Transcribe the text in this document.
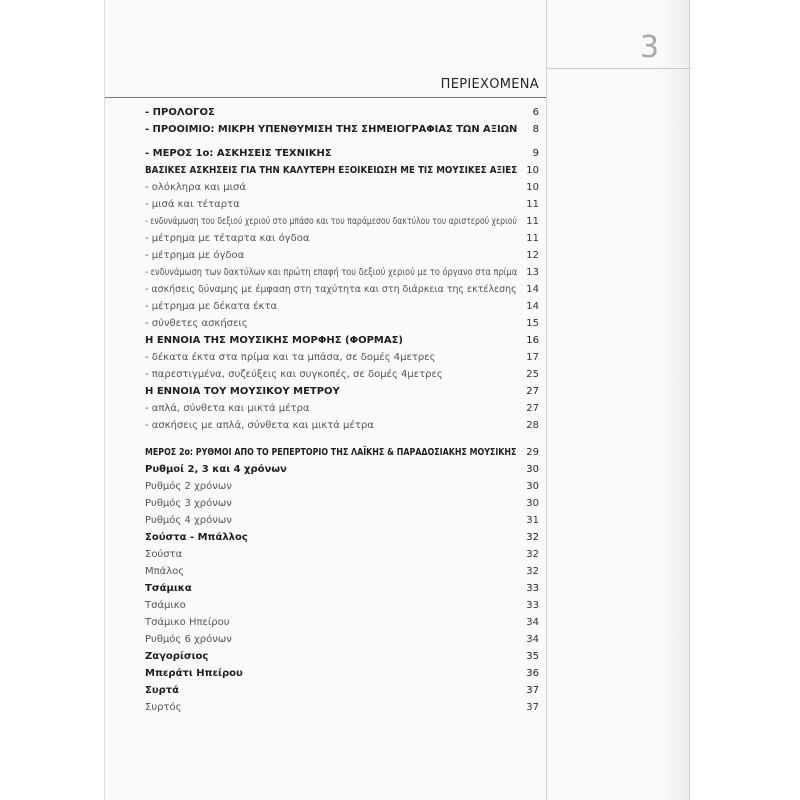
3
ΠΕΡΙΕΧΟΜΕΝΑ
- ΠΡΟΛΟΓΟΣ	6
- ΠΡΟΟΙΜΙΟ: ΜΙΚΡΗ ΥΠΕΝΘΥΜΙΣΗ ΤΗΣ ΣΗΜΕΙΟΓΡΑΦΙΑΣ ΤΩΝ ΑΞΙΩΝ 8
- ΜΕΡΟΣ 1ο: ΑΣΚΗΣΕΙΣ ΤΕΧΝΙΚΗΣ	9
ΒΑΣΙΚΕΣ ΑΣΚΗΣΕΙΣ ΓΙΑ ΤΗΝ ΚΑΛΥΤΕΡΗ ΕΞΟΙΚΕΙΩΣΗ ΜΕ ΤΙΣ ΜΟΥΣΙΚΕΣ ΑΞΙΕΣ 10
- ολόκληρα και μισά	10
- μισά και τέταρτα	11
- ενδυνάμωση του δεξιού χεριού στο μπάσο και του παράμεσου δακτύλου του αριστερού χεριού 11
- μέτρημα με τέταρτα και όγδοα	11
- μέτρημα με όγδοα	12
- ενδυνάμωση των δακτύλων και πρώτη επαφή του δεξιού χεριού με το όργανο στα πρίμα 13
- ασκήσεις δύναμης με έμφαση στη ταχύτητα και στη διάρκεια της εκτέλεσης 14
- μέτρημα με δέκατα έκτα	14
- σύνθετες ασκήσεις	15
Η ΕΝΝΟΙΑ ΤΗΣ ΜΟΥΣΙΚΗΣ ΜΟΡΦΗΣ (ΦΟΡΜΑΣ)	16
- δέκατα έκτα στα πρίμα και τα μπάσα, σε δομές 4μετρες	17
- παρεστιγμένα, συζεύξεις και συγκοπές, σε δομές 4μετρες	25
Η ΕΝΝΟΙΑ ΤΟΥ ΜΟΥΣΙΚΟΥ ΜΕΤΡΟΥ	27
- απλά, σύνθετα και μικτά μέτρα	27
- ασκήσεις με απλά, σύνθετα και μικτά μέτρα	28
ΜΕΡΟΣ 2ο: ΡΥΘΜΟΙ ΑΠΟ ΤΟ ΡΕΠΕΡΤΟΡΙΟ ΤΗΣ ΛΑΪΚΗΣ & ΠΑΡΑΔΟΣΙΑΚΗΣ ΜΟΥΣΙΚΗΣ 29
Ρυθμοί 2, 3 και 4 χρόνων	30
Ρυθμός 2 χρόνων	30
Ρυθμός 3 χρόνων	30
Ρυθμός 4 χρόνων	31
Σούστα - Μπάλλος	32
Σούστα	32
Μπάλος	32
Τσάμικα	33
Τσάμικο	33
Τσάμικο Ηπείρου	34
Ρυθμός 6 χρόνων	34
Ζαγορίσιος	35
Μπεράτι Ηπείρου	36
Συρτά	37
Συρτός	37
